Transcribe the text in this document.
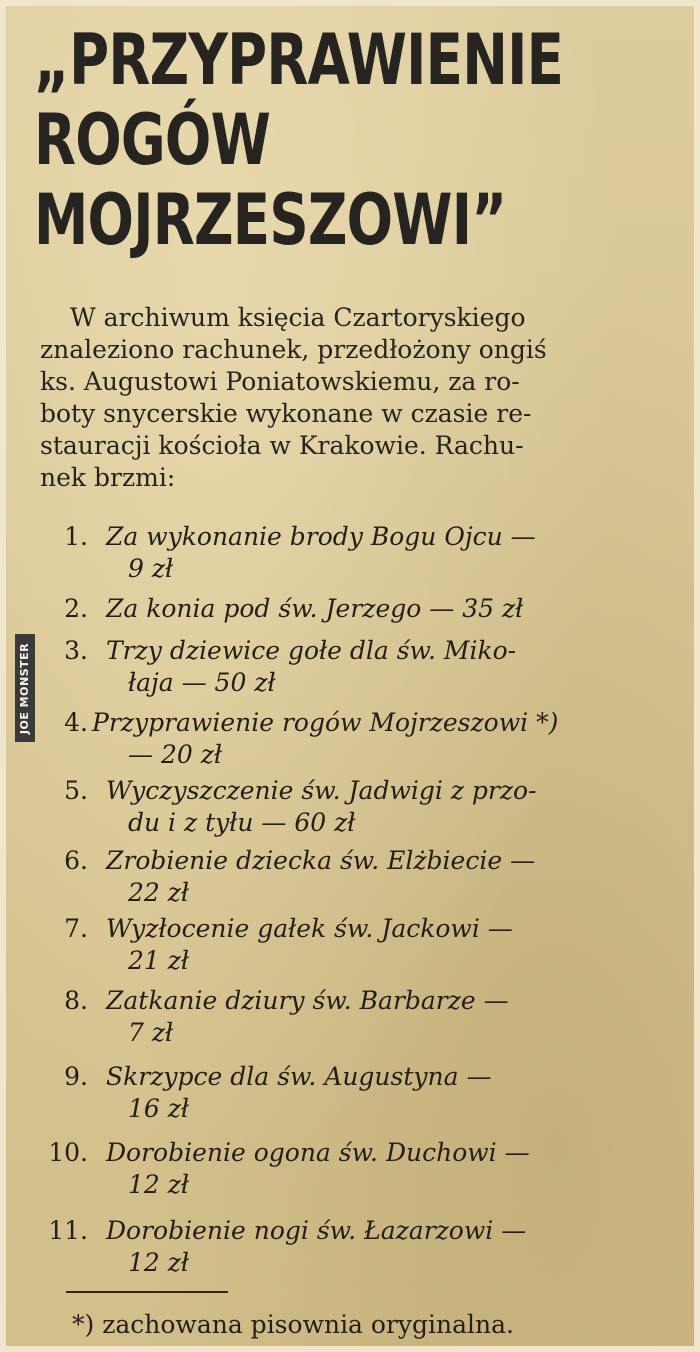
JOE MONSTER
„PRZYPRAWIENIE
ROGÓW
MOJRZESZOWI”
W archiwum księcia Czartoryskiego
znaleziono rachunek, przedłożony ongiś
ks. Augustowi Poniatowskiemu, za ro-
boty snycerskie wykonane w czasie re-
stauracji kościoła w Krakowie. Rachu-
nek brzmi:
1. Za wykonanie brody Bogu Ojcu —
9 zł
2. Za konia pod św. Jerzego — 35 zł
3. Trzy dziewice gołe dla św. Miko-
łaja — 50 zł
4. Przyprawienie rogów Mojrzeszowi *)
— 20 zł
5. Wyczyszczenie św. Jadwigi z przo-
du i z tyłu — 60 zł
6. Zrobienie dziecka św. Elżbiecie —
22 zł
7. Wyzłocenie gałek św. Jackowi —
21 zł
8. Zatkanie dziury św. Barbarze —
7 zł
9. Skrzypce dla św. Augustyna —
16 zł
10. Dorobienie ogona św. Duchowi —
12 zł
11. Dorobienie nogi św. Łazarzowi —
12 zł
*) zachowana pisownia oryginalna.
